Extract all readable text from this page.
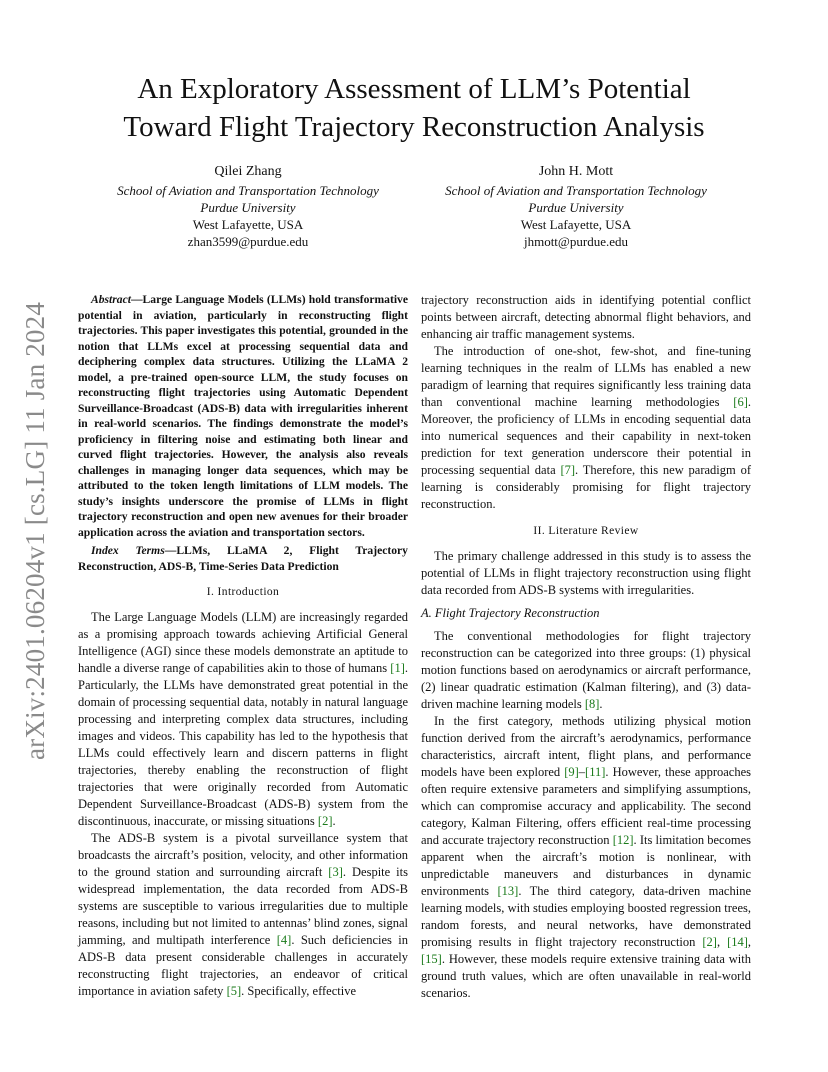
An Exploratory Assessment of LLM’s Potential
Toward Flight Trajectory Reconstruction Analysis
Qilei Zhang
School of Aviation and Transportation Technology
Purdue University
West Lafayette, USA
zhan3599@purdue.edu
John H. Mott
School of Aviation and Transportation Technology
Purdue University
West Lafayette, USA
jhmott@purdue.edu
arXiv:2401.06204v1 [cs.LG] 11 Jan 2024

Abstract—Large Language Models (LLMs) hold transformative potential in aviation, particularly in reconstructing flight trajectories. This paper investigates this potential, grounded in the notion that LLMs excel at processing sequential data and deciphering complex data structures. Utilizing the LLaMA 2 model, a pre-trained open-source LLM, the study focuses on reconstructing flight trajectories using Automatic Dependent Surveillance-Broadcast (ADS-B) data with irregularities inherent in real-world scenarios. The findings demonstrate the model’s proficiency in filtering noise and estimating both linear and curved flight trajectories. However, the analysis also reveals challenges in managing longer data sequences, which may be attributed to the token length limitations of LLM models. The study’s insights underscore the promise of LLMs in flight trajectory reconstruction and open new avenues for their broader application across the aviation and transportation sectors.

Index Terms—LLMs, LLaMA 2, Flight Trajectory Reconstruction, ADS-B, Time-Series Data Prediction

I. Introduction

The Large Language Models (LLM) are increasingly regarded as a promising approach towards achieving Artificial General Intelligence (AGI) since these models demonstrate an aptitude to handle a diverse range of capabilities akin to those of humans [1]. Particularly, the LLMs have demonstrated great potential in the domain of processing sequential data, notably in natural language processing and interpreting complex data structures, including images and videos. This capability has led to the hypothesis that LLMs could effectively learn and discern patterns in flight trajectories, thereby enabling the reconstruction of flight trajectories that were originally recorded from Automatic Dependent Surveillance-Broadcast (ADS-B) system from the discontinuous, inaccurate, or missing situations [2].

The ADS-B system is a pivotal surveillance system that broadcasts the aircraft’s position, velocity, and other information to the ground station and surrounding aircraft [3]. Despite its widespread implementation, the data recorded from ADS-B systems are susceptible to various irregularities due to multiple reasons, including but not limited to antennas’ blind zones, signal jamming, and multipath interference [4]. Such deficiencies in ADS-B data present considerable challenges in accurately reconstructing flight trajectories, an endeavor of critical importance in aviation safety [5]. Specifically, effective

trajectory reconstruction aids in identifying potential conflict points between aircraft, detecting abnormal flight behaviors, and enhancing air traffic management systems.

The introduction of one-shot, few-shot, and fine-tuning learning techniques in the realm of LLMs has enabled a new paradigm of learning that requires significantly less training data than conventional machine learning methodologies [6]. Moreover, the proficiency of LLMs in encoding sequential data into numerical sequences and their capability in next-token prediction for text generation underscore their potential in processing sequential data [7]. Therefore, this new paradigm of learning is considerably promising for flight trajectory reconstruction.

II. Literature Review

The primary challenge addressed in this study is to assess the potential of LLMs in flight trajectory reconstruction using flight data recorded from ADS-B systems with irregularities.

A. Flight Trajectory Reconstruction

The conventional methodologies for flight trajectory reconstruction can be categorized into three groups: (1) physical motion functions based on aerodynamics or aircraft performance, (2) linear quadratic estimation (Kalman filtering), and (3) data-driven machine learning models [8].

In the first category, methods utilizing physical motion function derived from the aircraft’s aerodynamics, performance characteristics, aircraft intent, flight plans, and performance models have been explored [9]–[11]. However, these approaches often require extensive parameters and simplifying assumptions, which can compromise accuracy and applicability. The second category, Kalman Filtering, offers efficient real-time processing and accurate trajectory reconstruction [12]. Its limitation becomes apparent when the aircraft’s motion is nonlinear, with unpredictable maneuvers and disturbances in dynamic environments [13]. The third category, data-driven machine learning models, with studies employing boosted regression trees, random forests, and neural networks, have demonstrated promising results in flight trajectory reconstruction [2], [14], [15]. However, these models require extensive training data with ground truth values, which are often unavailable in real-world scenarios.
